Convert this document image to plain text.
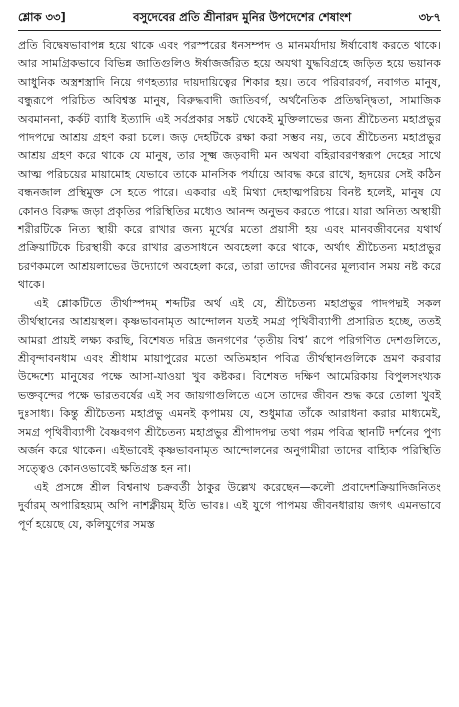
শ্লোক ৩৩]	বসুদেবের প্রতি শ্রীনারদ মুনির উপদেশের শেষাংশ	৩৮৭

প্রতি বিদ্বেষভাবাপন্ন হয়ে থাকে এবং পরস্পরের ধনসম্পদ ও মানমর্যাদায় ঈর্ষাবোধ করতে থাকে। আর সামগ্রিকভাবে বিভিন্ন জাতিগুলিও ঈর্ষাজর্জরিত হয়ে অযথা যুদ্ধবিগ্রহে জড়িত হয়ে ভয়ানক আধুনিক অস্ত্রশস্ত্রাদি নিয়ে গণহত্যার দায়দায়িত্বের শিকার হয়। তবে পরিবারবর্গ, নবাগত মানুষ, বন্ধুরূপে পরিচিত অবিশ্বস্ত মানুষ, বিরুদ্ধবাদী জাতিবর্গ, অর্থনৈতিক প্রতিদ্বন্দ্বিতা, সামাজিক অবমাননা, কর্কট ব্যাধি ইত্যাদি এই সর্বপ্রকার সঙ্কট থেকেই মুক্তিলাভের জন্য শ্রীচৈতন্য মহাপ্রভুর পাদপদ্মে আশ্রয় গ্রহণ করা চলে। জড় দেহটিকে রক্ষা করা সম্ভব নয়, তবে শ্রীচৈতন্য মহাপ্রভুর আশ্রয় গ্রহণ করে থাকে যে মানুষ, তার সূক্ষ্ম জড়বাদী মন অথবা বহিরাবরণস্বরূপ দেহের সাথে আত্ম পরিচয়ের মায়ামোহ যেভাবে তাকে মানসিক পর্যায়ে আবদ্ধ করে রাখে, হৃদয়ের সেই কঠিন বন্ধনজাল প্রস্থিমুক্ত সে হতে পারে। একবার এই মিথ্যা দেহাত্মপরিচয় বিনষ্ট হলেই, মানুষ যে কোনও বিরুদ্ধ জড়া প্রকৃতির পরিস্থিতির মধ্যেও আনন্দ অনুভব করতে পারে। যারা অনিত্য অস্থায়ী শরীরটিকে নিত্য স্থায়ী করে রাখার জন্য মূর্খের মতো প্রয়াসী হয় এবং মানবজীবনের যথার্থ প্রক্রিয়াটিকে চিরস্থায়ী করে রাখার ব্রতসাধনে অবহেলা করে থাকে, অর্থাৎ শ্রীচৈতন্য মহাপ্রভুর চরণকমলে আশ্রয়লাভের উদ্যোগে অবহেলা করে, তারা তাদের জীবনের মূল্যবান সময় নষ্ট করে থাকে।

এই শ্লোকটিতে তীর্থাস্পদম্ শব্দটির অর্থ এই যে, শ্রীচৈতন্য মহাপ্রভুর পাদপদ্মই সকল তীর্থস্থানের আশ্রয়স্থল। কৃষ্ণভাবনামৃত আন্দোলন যতই সমগ্র পৃথিবীব্যাপী প্রসারিত হচ্ছে, ততই আমরা প্রায়ই লক্ষ্য করছি, বিশেষত দরিদ্র জনগণের ‘তৃতীয় বিশ্ব’ রূপে পরিগণিত দেশগুলিতে, শ্রীবৃন্দাবনধাম এবং শ্রীধাম মায়াপুরের মতো অতিমহান পবিত্র তীর্থস্থানগুলিকে ভ্রমণ করবার উদ্দেশ্যে মানুষের পক্ষে আসা-যাওয়া খুব কষ্টকর। বিশেষত দক্ষিণ আমেরিকায় বিপুলসংখ্যক ভক্তবৃন্দের পক্ষে ভারতবর্ষের এই সব জায়গাগুলিতে এসে তাদের জীবন শুদ্ধ করে তোলা খুবই দুঃসাধ্য। কিন্তু শ্রীচৈতন্য মহাপ্রভু এমনই কৃপাময় যে, শুধুমাত্র তাঁকে আরাধনা করার মাধ্যমেই, সমগ্র পৃথিবীব্যাপী বৈষ্ণবগণ শ্রীচৈতন্য মহাপ্রভুর শ্রীপাদপদ্ম তথা পরম পবিত্র স্থানটি দর্শনের পুণ্য অর্জন করে থাকেন। এইভাবেই কৃষ্ণভাবনামৃত আন্দোলনের অনুগামীরা তাদের বাহ্যিক পরিস্থিতি সত্ত্বেও কোনওভাবেই ক্ষতিগ্রস্ত হন না।

এই প্রসঙ্গে শ্রীল বিশ্বনাথ চক্রবর্তী ঠাকুর উল্লেখ করেছেন—কলৌ প্রবাদেশক্রিয়াদিজনিতং দুর্বারম্ অপারিহয়্যম্ অপি নাশক্নীয়ম্ ইতি ভাবঃ। এই যুগে পাপময় জীবনধারায় জগৎ এমনভাবে পূর্ণ হয়েছে যে, কলিযুগের সমস্ত
